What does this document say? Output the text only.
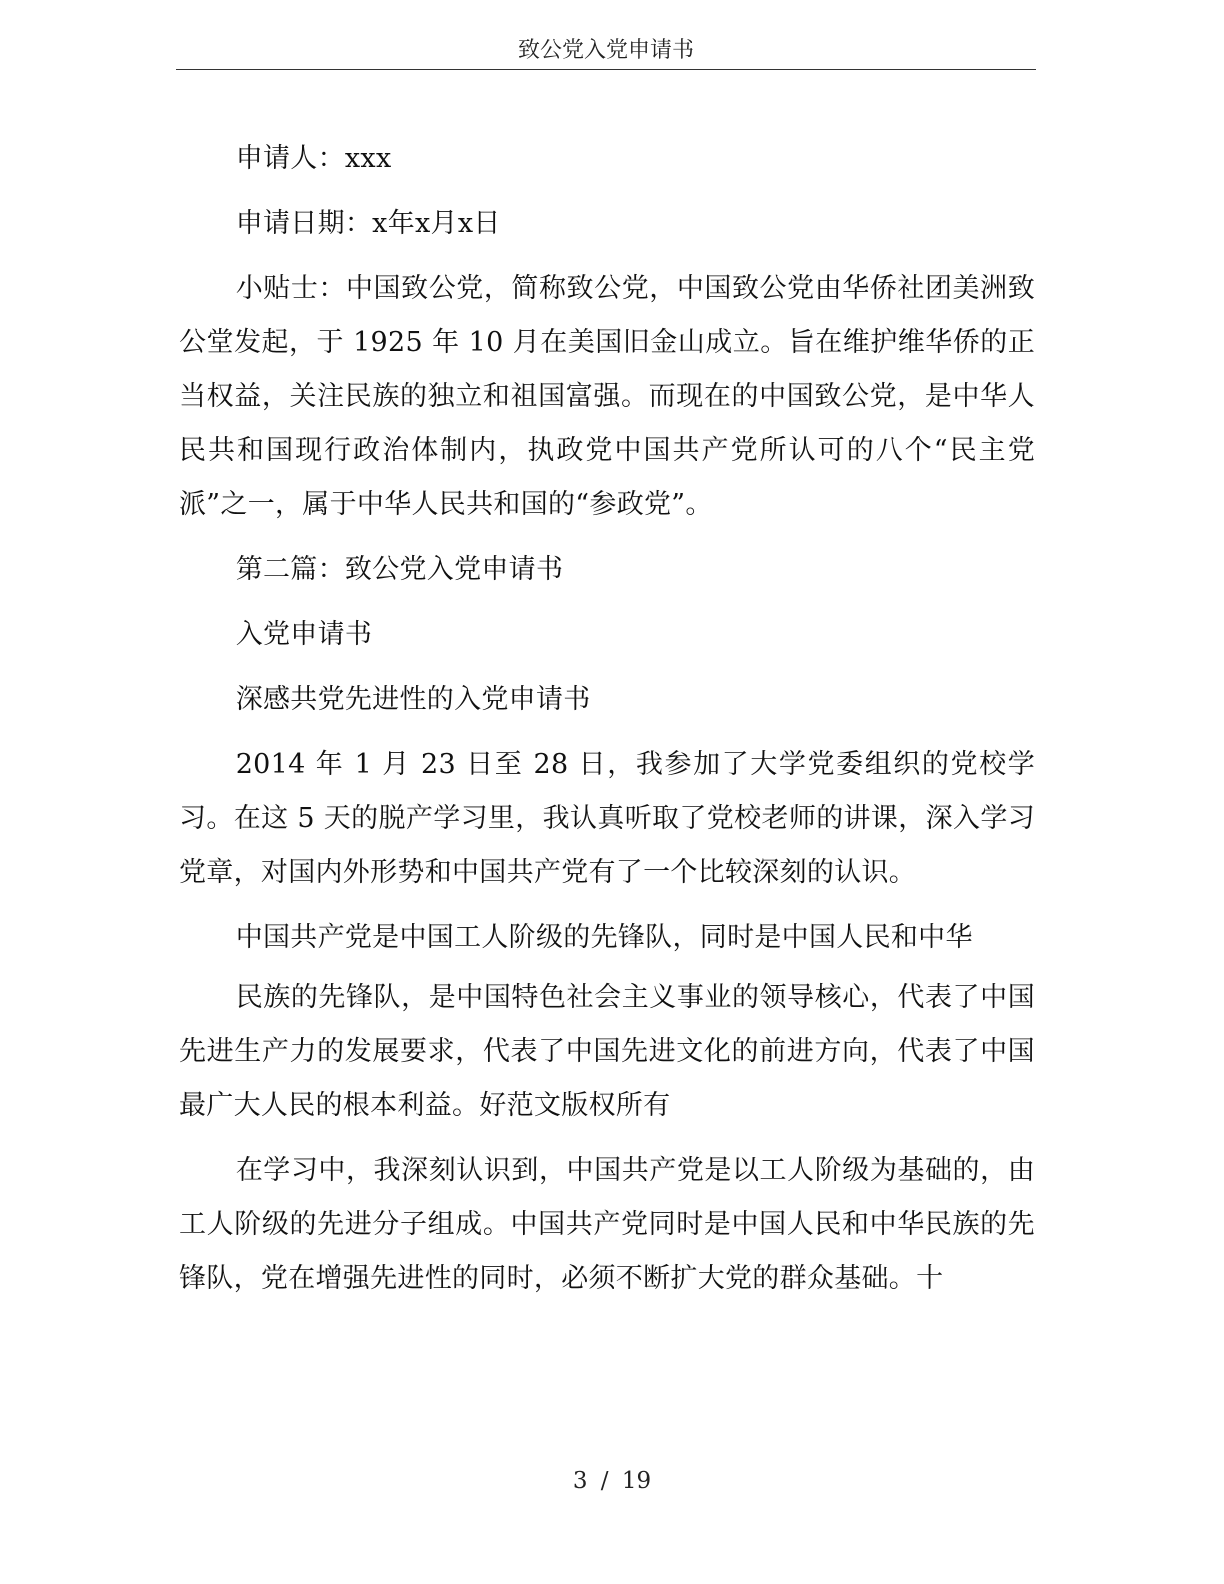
致公党入党申请书

申请人：xxx

申请日期：x年x月x日

小贴士：中国致公党，简称致公党，中国致公党由华侨社团美洲致公堂发起，于 1925 年 10 月在美国旧金山成立。旨在维护维华侨的正当权益，关注民族的独立和祖国富强。而现在的中国致公党，是中华人民共和国现行政治体制内，执政党中国共产党所认可的八个“民主党派”之一，属于中华人民共和国的“参政党”。

第二篇：致公党入党申请书

入党申请书

深感共党先进性的入党申请书

2014 年 1 月 23 日至 28 日，我参加了大学党委组织的党校学习。在这 5 天的脱产学习里，我认真听取了党校老师的讲课，深入学习党章，对国内外形势和中国共产党有了一个比较深刻的认识。

中国共产党是中国工人阶级的先锋队，同时是中国人民和中华

民族的先锋队，是中国特色社会主义事业的领导核心，代表了中国先进生产力的发展要求，代表了中国先进文化的前进方向，代表了中国最广大人民的根本利益。好范文版权所有

在学习中，我深刻认识到，中国共产党是以工人阶级为基础的，由工人阶级的先进分子组成。中国共产党同时是中国人民和中华民族的先锋队，党在增强先进性的同时，必须不断扩大党的群众基础。十

3 / 19
